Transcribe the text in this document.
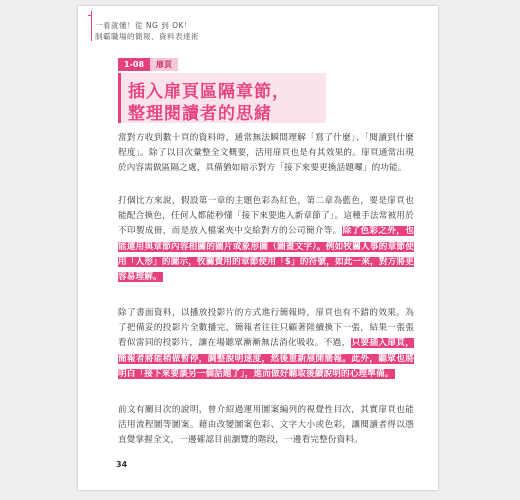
一看就懂！從 NG 到 OK！
制霸職場的簡報、資料表達術
1-08	扉頁
插入扉頁區隔章節，
整理閱讀者的思緒

當對方收到數十頁的資料時，通常無法瞬間理解「寫了什麼」、「閱讀到什麼程度」。除了以目次彙整全文概要，活用扉頁也是有其效果的。扉頁通常出現於內容需做區隔之處，具備猶如暗示對方「接下來要更換話題囉」的功能。

打個比方來說，假設第一章的主題色彩為紅色，第二章為藍色，要是扉頁也能配合換色，任何人都能秒懂「接下來要進入新章節了」。這種手法常被用於不印製成冊，而是放入檔案夾中交給對方的公司簡介等。除了色彩之外，也能運用與章節內容相關的圖片或象形圖（圖畫文字）。例如牧關人事的章節使用「人形」的圖示，牧關費用的章節使用「$」的符號，如此一來，對方將更容易理解。

除了書面資料，以播放投影片的方式進行簡報時，扉頁也有不錯的效果。為了把備妥的投影片全數播完，簡報者往往只顧著陸續換下一張，結果一張張看似雷同的投影片，讓在場聽眾漸漸無法消化吸收。不過，只要插入扉頁，簡報者將能稍做暫停，調整說明速度，然後重新展開簡報。此外，聽眾也將明白「接下來要談另一個話題了」，進而做好聽取後續說明的心理準備。

前文有關目次的說明，曾介紹過運用圖案編列的視覺性目次，其實扉頁也能活用流程圖等圖案。藉由改變圖案色彩、文字大小或色彩，讓閱讀者得以憑直覺掌握全文，一邊確認目前瀏覽的階段，一邊看完整份資料。

34
